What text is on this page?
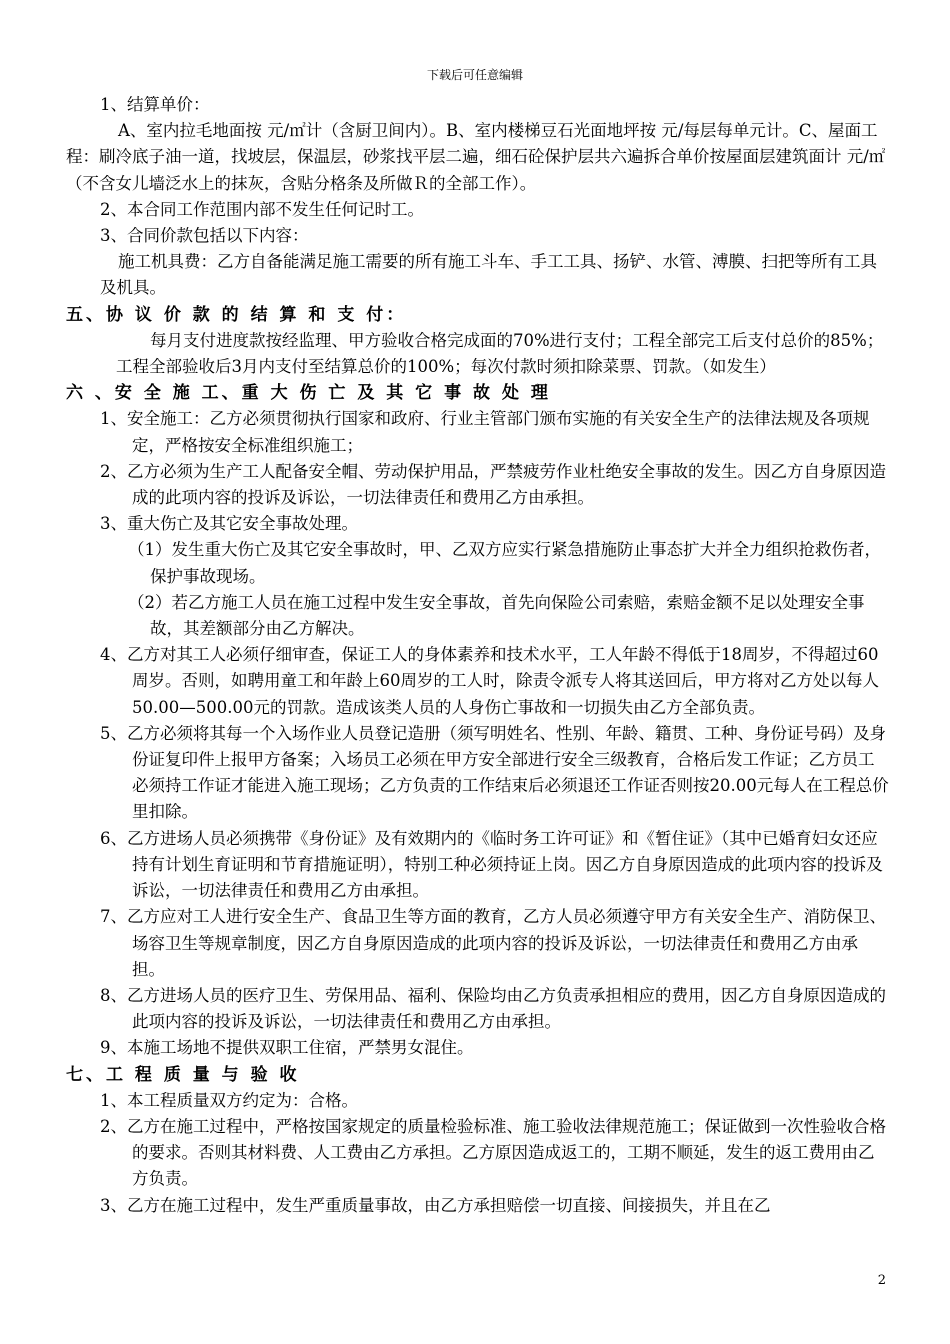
下载后可任意编辑

1、结算单价：

A、室内拉毛地面按 元/㎡计（含厨卫间内）。B、室内楼梯豆石光面地坪按 元/每层每单元计。C、屋面工程：刷冷底子油一道，找坡层，保温层，砂浆找平层二遍，细石砼保护层共六遍拆合单价按屋面层建筑面计 元/㎡（不含女儿墙泛水上的抹灰，含贴分格条及所做Ｒ的全部工作）。

2、本合同工作范围内部不发生任何记时工。

3、合同价款包括以下内容：

施工机具费：乙方自备能满足施工需要的所有施工斗车、手工工具、扬铲、水管、溥膜、扫把等所有工具及机具。

五、协 议 价 款 的 结 算 和 支 付：

每月支付进度款按经监理、甲方验收合格完成面的70%进行支付；工程全部完工后支付总价的85%；工程全部验收后3月内支付至结算总价的100%；每次付款时须扣除菜票、罚款。（如发生）

六 、安 全 施 工、重 大 伤 亡 及 其 它 事 故 处 理

1、安全施工：乙方必须贯彻执行国家和政府、行业主管部门颁布实施的有关安全生产的法律法规及各项规定，严格按安全标准组织施工；

2、乙方必须为生产工人配备安全帽、劳动保护用品，严禁疲劳作业杜绝安全事故的发生。因乙方自身原因造成的此项内容的投诉及诉讼，一切法律责任和费用乙方由承担。

3、重大伤亡及其它安全事故处理。

（1）发生重大伤亡及其它安全事故时，甲、乙双方应实行紧急措施防止事态扩大并全力组织抢救伤者，保护事故现场。

（2）若乙方施工人员在施工过程中发生安全事故，首先向保险公司索赔，索赔金额不足以处理安全事故，其差额部分由乙方解决。

4、乙方对其工人必须仔细审查，保证工人的身体素养和技术水平，工人年龄不得低于18周岁，不得超过60周岁。否则，如聘用童工和年龄上60周岁的工人时，除责令派专人将其送回后，甲方将对乙方处以每人50.00—500.00元的罚款。造成该类人员的人身伤亡事故和一切损失由乙方全部负责。

5、乙方必须将其每一个入场作业人员登记造册（须写明姓名、性别、年龄、籍贯、工种、身份证号码）及身份证复印件上报甲方备案；入场员工必须在甲方安全部进行安全三级教育，合格后发工作证；乙方员工必须持工作证才能进入施工现场；乙方负责的工作结束后必须退还工作证否则按20.00元每人在工程总价里扣除。

6、乙方进场人员必须携带《身份证》及有效期内的《临时务工许可证》和《暂住证》（其中已婚育妇女还应持有计划生育证明和节育措施证明），特别工种必须持证上岗。因乙方自身原因造成的此项内容的投诉及诉讼，一切法律责任和费用乙方由承担。

7、乙方应对工人进行安全生产、食品卫生等方面的教育，乙方人员必须遵守甲方有关安全生产、消防保卫、场容卫生等规章制度，因乙方自身原因造成的此项内容的投诉及诉讼，一切法律责任和费用乙方由承担。

8、乙方进场人员的医疗卫生、劳保用品、福利、保险均由乙方负责承担相应的费用，因乙方自身原因造成的此项内容的投诉及诉讼，一切法律责任和费用乙方由承担。

9、本施工场地不提供双职工住宿，严禁男女混住。

七、工 程 质 量 与 验 收

1、本工程质量双方约定为：合格。

2、乙方在施工过程中，严格按国家规定的质量检验标准、施工验收法律规范施工；保证做到一次性验收合格的要求。否则其材料费、人工费由乙方承担。乙方原因造成返工的，工期不顺延，发生的返工费用由乙方负责。

3、乙方在施工过程中，发生严重质量事故，由乙方承担赔偿一切直接、间接损失，并且在乙

2
